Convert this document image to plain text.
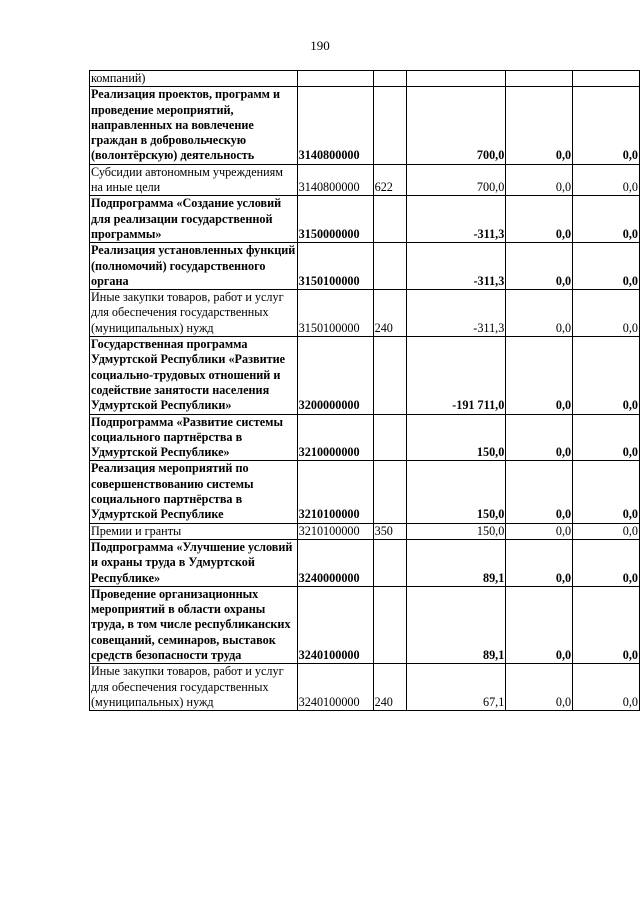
190
компаний)					
Реализация проектов, программ и проведение мероприятий, направленных на вовлечение граждан в добровольческую (волонтёрскую) деятельность	3140800000		700,0	0,0	0,0
Субсидии автономным учреждениям на иные цели	3140800000	622	700,0	0,0	0,0
Подпрограмма «Создание условий для реализации государственной программы»	3150000000		-311,3	0,0	0,0
Реализация установленных функций (полномочий) государственного органа	3150100000		-311,3	0,0	0,0
Иные закупки товаров, работ и услуг для обеспечения государственных (муниципальных) нужд	3150100000	240	-311,3	0,0	0,0
Государственная программа Удмуртской Республики «Развитие социально-трудовых отношений и содействие занятости населения Удмуртской Республики»	3200000000		-191 711,0	0,0	0,0
Подпрограмма «Развитие системы социального партнёрства в Удмуртской Республике»	3210000000		150,0	0,0	0,0
Реализация мероприятий по совершенствованию системы социального партнёрства в Удмуртской Республике	3210100000		150,0	0,0	0,0
Премии и гранты	3210100000	350	150,0	0,0	0,0
Подпрограмма «Улучшение условий и охраны труда в Удмуртской Республике»	3240000000		89,1	0,0	0,0
Проведение организационных мероприятий в области охраны труда, в том числе республиканских совещаний, семинаров, выставок средств безопасности труда	3240100000		89,1	0,0	0,0
Иные закупки товаров, работ и услуг для обеспечения государственных (муниципальных) нужд	3240100000	240	67,1	0,0	0,0
